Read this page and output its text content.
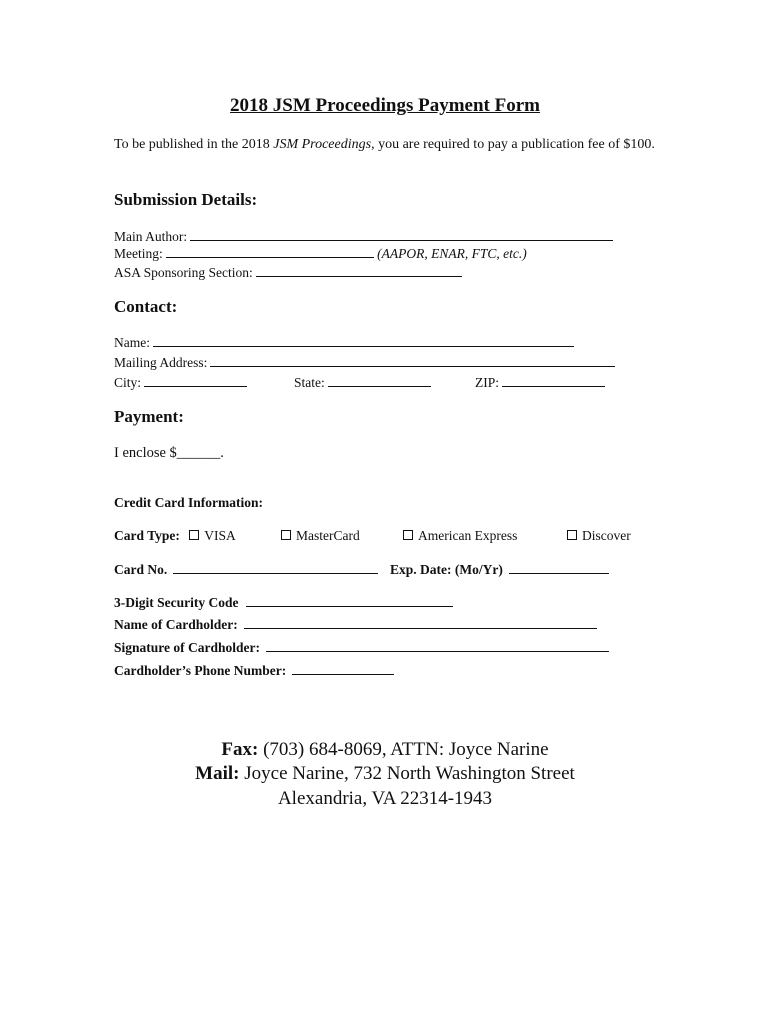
2018 JSM Proceedings Payment Form
To be published in the 2018 JSM Proceedings, you are required to pay a publication fee of $100.
Submission Details:
Main Author:
Meeting:	(AAPOR, ENAR, FTC, etc.)
ASA Sponsoring Section:
Contact:
Name:
Mailing Address:
City:	State:	ZIP:
Payment:
I enclose $______.
Credit Card Information:
Card Type: VISA	MasterCard	American Express	Discover
Card No.	Exp. Date: (Mo/Yr)
3-Digit Security Code
Name of Cardholder:
Signature of Cardholder:
Cardholder’s Phone Number:
Fax: (703) 684-8069, ATTN: Joyce Narine
Mail: Joyce Narine, 732 North Washington Street
Alexandria, VA 22314-1943
